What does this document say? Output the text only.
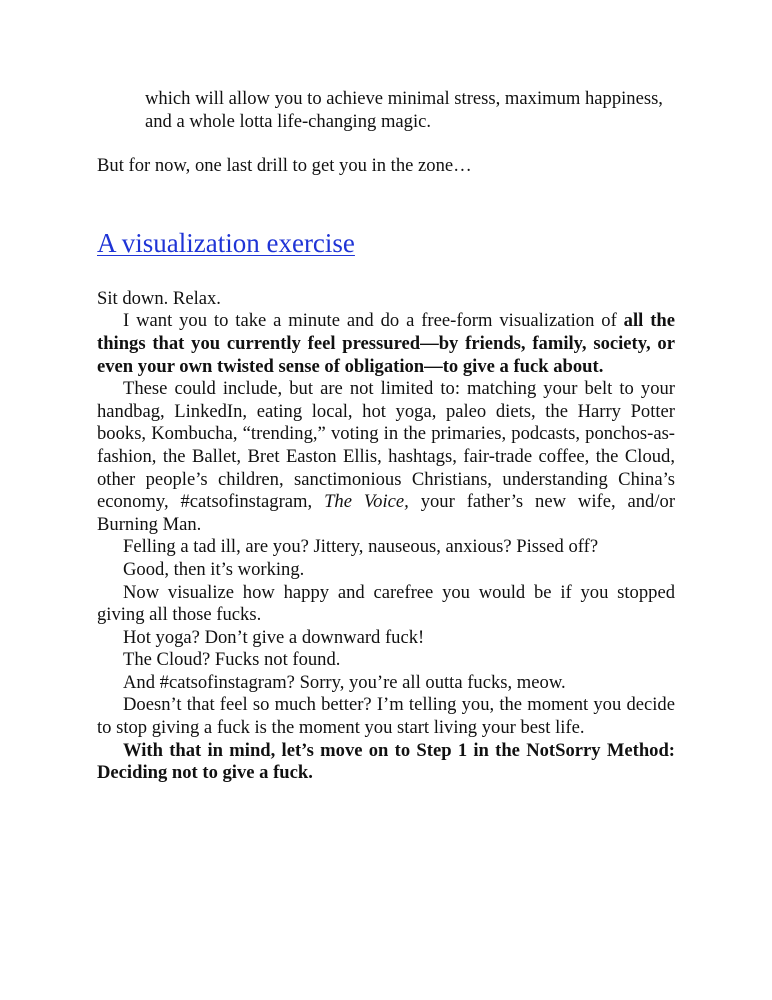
which will allow you to achieve minimal stress, maximum happiness, and a whole lotta life-changing magic.

But for now, one last drill to get you in the zone…

A visualization exercise

Sit down. Relax.

I want you to take a minute and do a free-form visualization of all the things that you currently feel pressured—by friends, family, society, or even your own twisted sense of obligation—to give a fuck about.

These could include, but are not limited to: matching your belt to your handbag, LinkedIn, eating local, hot yoga, paleo diets, the Harry Potter books, Kombucha, “trending,” voting in the primaries, podcasts, ponchos-as-fashion, the Ballet, Bret Easton Ellis, hashtags, fair-trade coffee, the Cloud, other people’s children, sanctimonious Christians, understanding China’s economy, #catsofinstagram, The Voice, your father’s new wife, and/or Burning Man.

Felling a tad ill, are you? Jittery, nauseous, anxious? Pissed off?

Good, then it’s working.

Now visualize how happy and carefree you would be if you stopped giving all those fucks.

Hot yoga? Don’t give a downward fuck!

The Cloud? Fucks not found.

And #catsofinstagram? Sorry, you’re all outta fucks, meow.

Doesn’t that feel so much better? I’m telling you, the moment you decide to stop giving a fuck is the moment you start living your best life.

With that in mind, let’s move on to Step 1 in the NotSorry Method: Deciding not to give a fuck.
